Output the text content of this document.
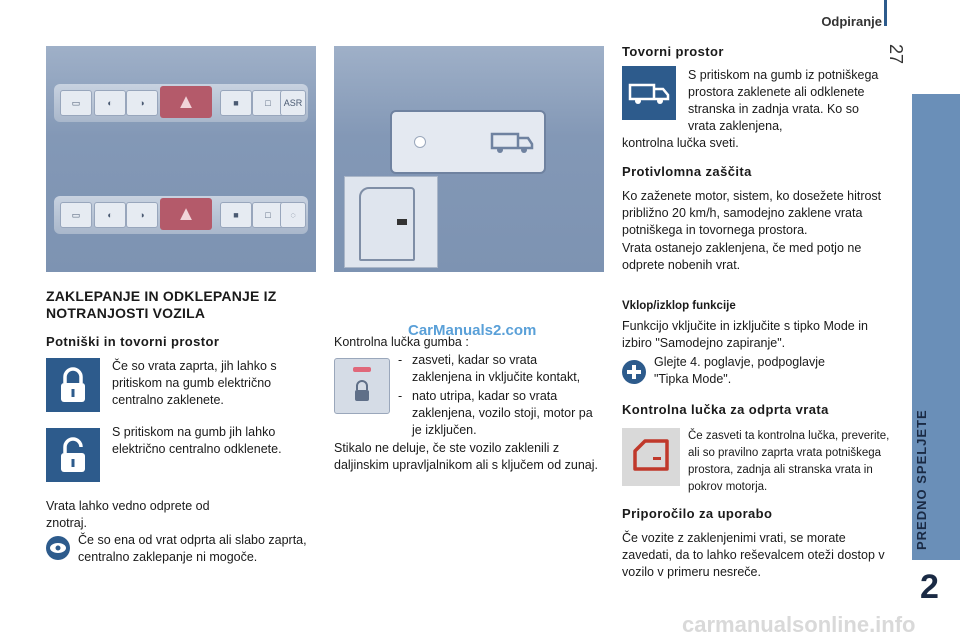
Odpiranje
27
2
▭	◐	◑	▲	■	□	ASR
▭	◐	◑	▲	■	□	◌
ZAKLEPANJE IN ODKLEPANJE IZ NOTRANJOSTI VOZILA
Potniški in tovorni prostor
Če so vrata zaprta, jih lahko s pritiskom na gumb električno centralno zaklenete.
S pritiskom na gumb jih lahko električno centralno odklenete.
Vrata lahko vedno odprete od znotraj.
Če so ena od vrat odprta ali slabo zaprta, centralno zaklepanje ni mogoče.
Kontrolna lučka gumba :
CarManuals2.com
- zasveti, kadar so vrata zaklenjena in vključite kontakt,
- nato utripa, kadar so vrata zaklenjena, vozilo stoji, motor pa je izključen.
Stikalo ne deluje, če ste vozilo zaklenili z daljinskim upravljalnikom ali s ključem od zunaj.
Tovorni prostor
S pritiskom na gumb iz potniškega prostora zaklenete ali odklenete stranska in zadnja vrata. Ko so vrata zaklenjena,
kontrolna lučka sveti.
Protivlomna zaščita
Ko zaženete motor, sistem, ko dosežete hitrost približno 20 km/h, samodejno zaklene vrata potniškega in tovornega prostora.
Vrata ostanejo zaklenjena, če med potjo ne odprete nobenih vrat.
Vklop/izklop funkcije
Funkcijo vključite in izključite s tipko Mode in izbiro "Samodejno zapiranje".
Glejte 4. poglavje, podpoglavje "Tipka Mode".
Kontrolna lučka za odprta vrata
Če zasveti ta kontrolna lučka, preverite, ali so pravilno zaprta vrata potniškega prostora, zadnja ali stranska vrata in pokrov motorja.
Priporočilo za uporabo
Če vozite z zaklenjenimi vrati, se morate zavedati, da to lahko reševalcem oteži dostop v vozilo v primeru nesreče.
carmanualsonline.info
